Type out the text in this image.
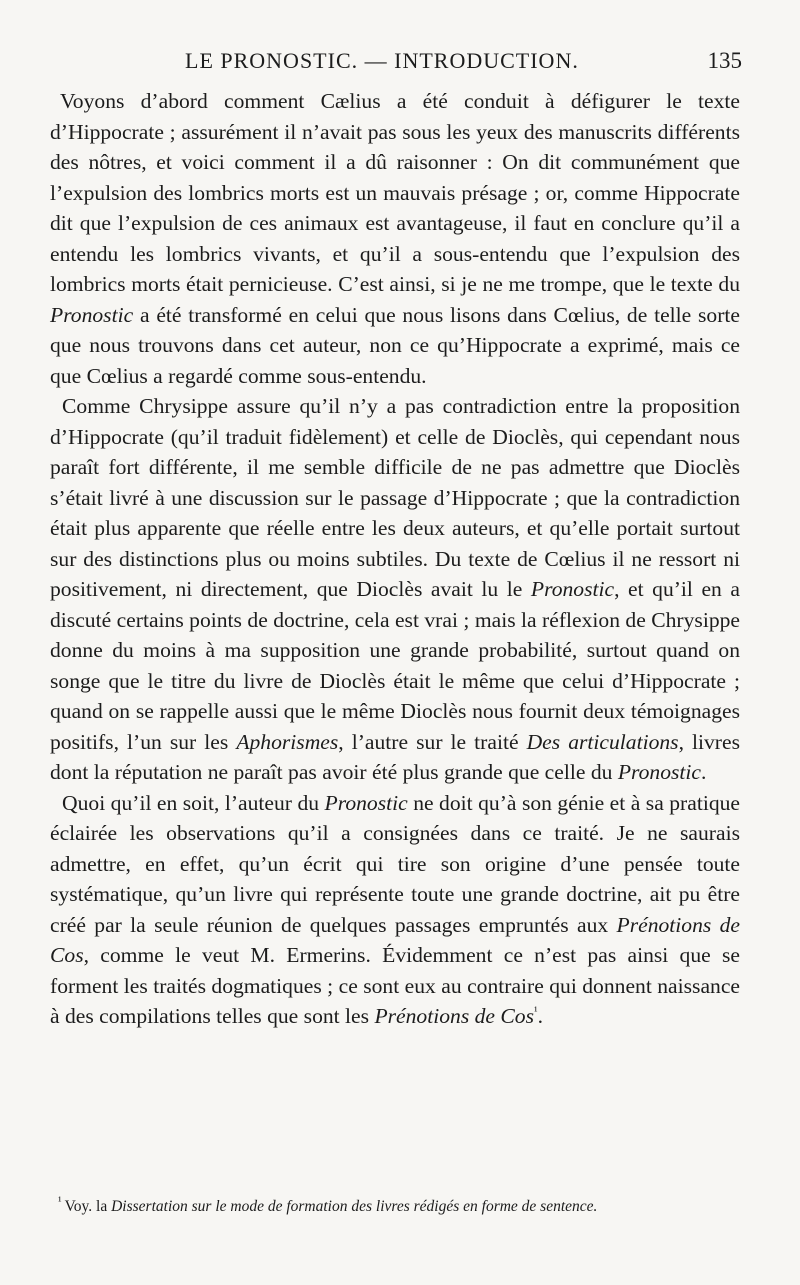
LE PRONOSTIC. — INTRODUCTION.	135

Voyons d’abord comment Cælius a été conduit à défigurer le texte d’Hippocrate ; assurément il n’avait pas sous les yeux des manuscrits différents des nôtres, et voici comment il a dû raisonner : On dit communément que l’expulsion des lombrics morts est un mauvais présage ; or, comme Hippocrate dit que l’expulsion de ces animaux est avantageuse, il faut en conclure qu’il a entendu les lombrics vivants, et qu’il a sous-entendu que l’expulsion des lombrics morts était pernicieuse. C’est ainsi, si je ne me trompe, que le texte du Pronostic a été transformé en celui que nous lisons dans Cœlius, de telle sorte que nous trouvons dans cet auteur, non ce qu’Hippocrate a exprimé, mais ce que Cœlius a regardé comme sous-entendu.

Comme Chrysippe assure qu’il n’y a pas contradiction entre la proposition d’Hippocrate (qu’il traduit fidèlement) et celle de Dioclès, qui cependant nous paraît fort différente, il me semble difficile de ne pas admettre que Dioclès s’était livré à une discussion sur le passage d’Hippocrate ; que la contradiction était plus apparente que réelle entre les deux auteurs, et qu’elle portait surtout sur des distinctions plus ou moins subtiles. Du texte de Cœlius il ne ressort ni positivement, ni directement, que Dioclès avait lu le Pronostic, et qu’il en a discuté certains points de doctrine, cela est vrai ; mais la réflexion de Chrysippe donne du moins à ma supposition une grande probabilité, surtout quand on songe que le titre du livre de Dioclès était le même que celui d’Hippocrate ; quand on se rappelle aussi que le même Dioclès nous fournit deux témoignages positifs, l’un sur les Aphorismes, l’autre sur le traité Des articulations, livres dont la réputation ne paraît pas avoir été plus grande que celle du Pronostic.

Quoi qu’il en soit, l’auteur du Pronostic ne doit qu’à son génie et à sa pratique éclairée les observations qu’il a consignées dans ce traité. Je ne saurais admettre, en effet, qu’un écrit qui tire son origine d’une pensée toute systématique, qu’un livre qui représente toute une grande doctrine, ait pu être créé par la seule réunion de quelques passages empruntés aux Prénotions de Cos, comme le veut M. Ermerins. Évidemment ce n’est pas ainsi que se forment les traités dogmatiques ; ce sont eux au contraire qui donnent naissance à des compilations telles que sont les Prénotions de Cos$^{^1}$.

$^{^1}$ Voy. la Dissertation sur le mode de formation des livres rédigés en forme de sentence.
